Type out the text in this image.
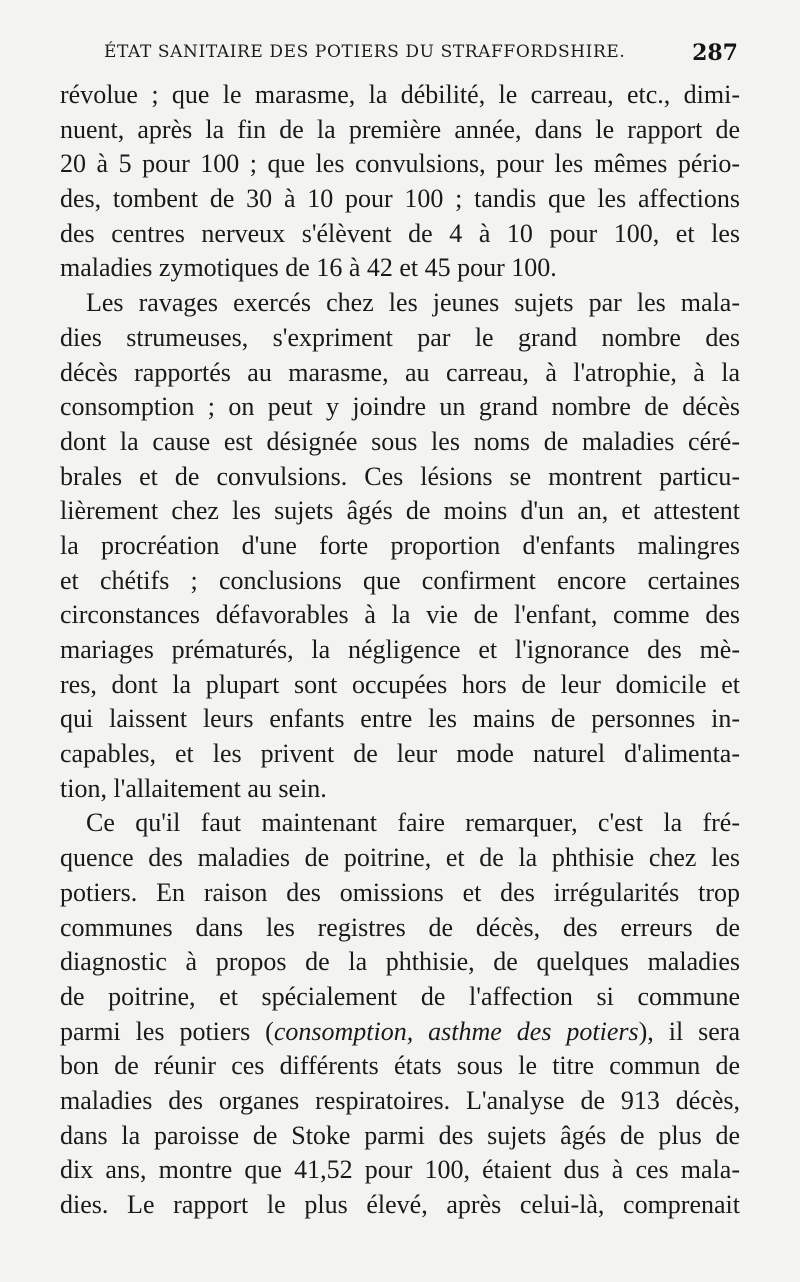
ÉTAT SANITAIRE DES POTIERS DU STRAFFORDSHIRE.	287
révolue ; que le marasme, la débilité, le carreau, etc., dimi-
nuent, après la fin de la première année, dans le rapport de
20 à 5 pour 100 ; que les convulsions, pour les mêmes pério-
des, tombent de 30 à 10 pour 100 ; tandis que les affections
des centres nerveux s'élèvent de 4 à 10 pour 100, et les
maladies zymotiques de 16 à 42 et 45 pour 100.
Les ravages exercés chez les jeunes sujets par les mala-
dies strumeuses, s'expriment par le grand nombre des
décès rapportés au marasme, au carreau, à l'atrophie, à la
consomption ; on peut y joindre un grand nombre de décès
dont la cause est désignée sous les noms de maladies céré-
brales et de convulsions. Ces lésions se montrent particu-
lièrement chez les sujets âgés de moins d'un an, et attestent
la procréation d'une forte proportion d'enfants malingres
et chétifs ; conclusions que confirment encore certaines
circonstances défavorables à la vie de l'enfant, comme des
mariages prématurés, la négligence et l'ignorance des mè-
res, dont la plupart sont occupées hors de leur domicile et
qui laissent leurs enfants entre les mains de personnes in-
capables, et les privent de leur mode naturel d'alimenta-
tion, l'allaitement au sein.
Ce qu'il faut maintenant faire remarquer, c'est la fré-
quence des maladies de poitrine, et de la phthisie chez les
potiers. En raison des omissions et des irrégularités trop
communes dans les registres de décès, des erreurs de
diagnostic à propos de la phthisie, de quelques maladies
de poitrine, et spécialement de l'affection si commune
parmi les potiers (consomption, asthme des potiers), il sera
bon de réunir ces différents états sous le titre commun de
maladies des organes respiratoires. L'analyse de 913 décès,
dans la paroisse de Stoke parmi des sujets âgés de plus de
dix ans, montre que 41,52 pour 100, étaient dus à ces mala-
dies. Le rapport le plus élevé, après celui-là, comprenait
